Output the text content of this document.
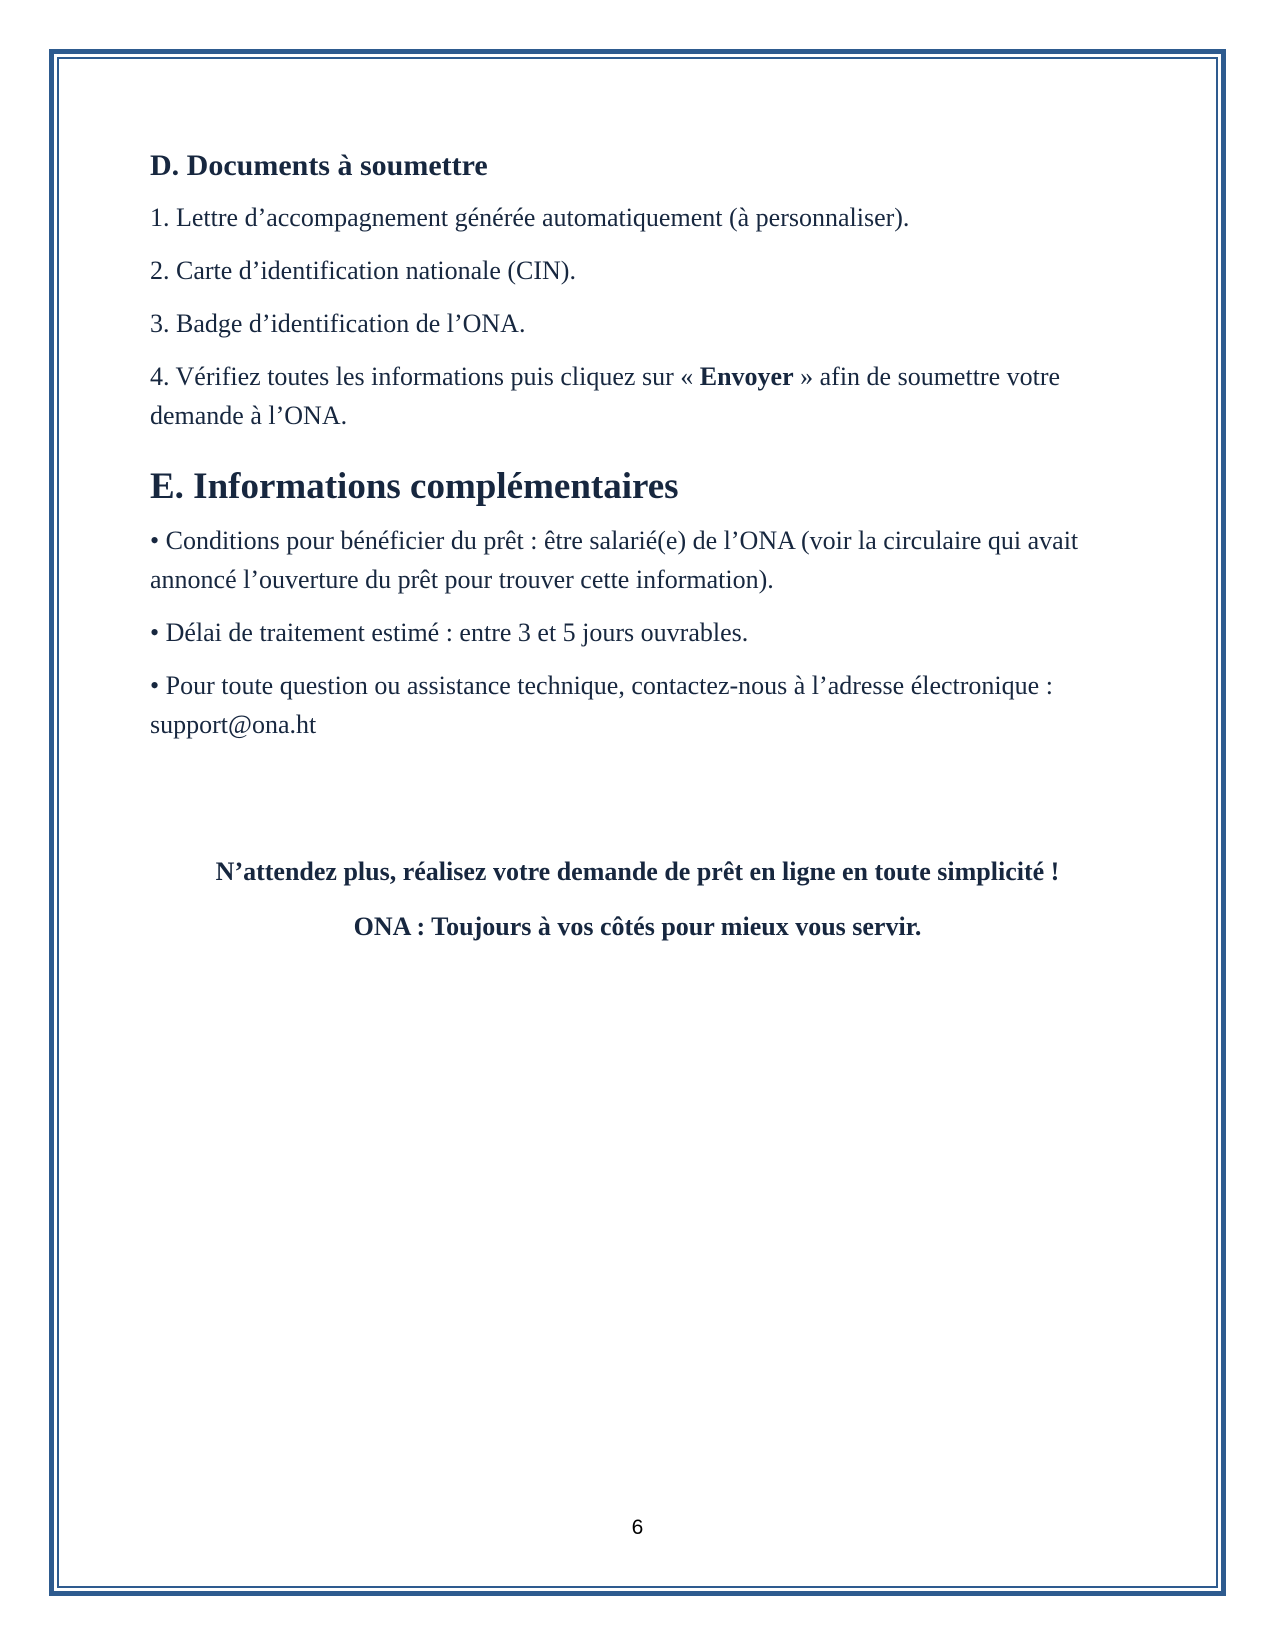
D. Documents à soumettre

1. Lettre d’accompagnement générée automatiquement (à personnaliser).

2. Carte d’identification nationale (CIN).

3. Badge d’identification de l’ONA.

4. Vérifiez toutes les informations puis cliquez sur « Envoyer » afin de soumettre votre demande à l’ONA.

E. Informations complémentaires

• Conditions pour bénéficier du prêt : être salarié(e) de l’ONA (voir la circulaire qui avait annoncé l’ouverture du prêt pour trouver cette information).

• Délai de traitement estimé : entre 3 et 5 jours ouvrables.

• Pour toute question ou assistance technique, contactez-nous à l’adresse électronique : support@ona.ht

N’attendez plus, réalisez votre demande de prêt en ligne en toute simplicité !
ONA : Toujours à vos côtés pour mieux vous servir.
6
